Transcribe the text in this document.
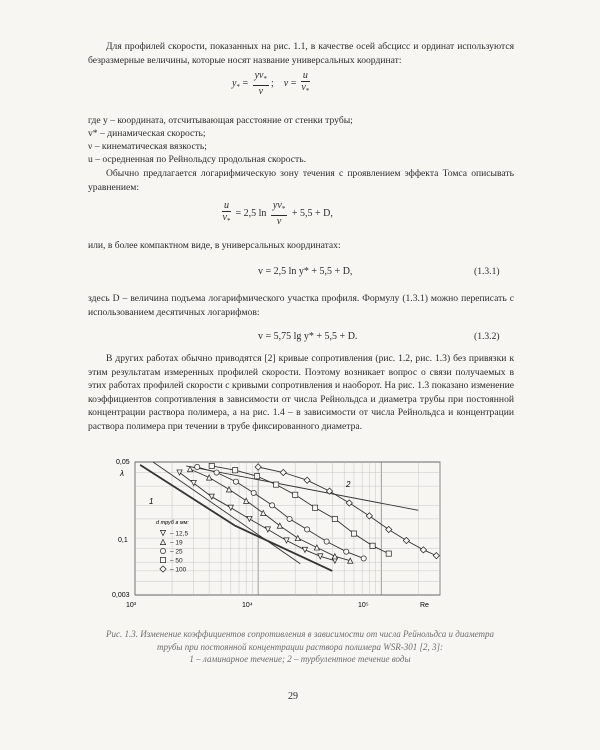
Для профилей скорости, показанных на рис. 1.1, в качестве осей абсцисс и ординат используются безразмерные величины, которые носят название универсальных координат:

$y_* = \frac{yv_*}{\nu}$ ; $v = \frac{u}{v_*}$
где y – координата, отсчитывающая расстояние от стенки трубы;
v* – динамическая скорость;
ν – кинематическая вязкость;
u – осредненная по Рейнольдсу продольная скорость.

Обычно предлагается логарифмическую зону течения с проявлением эффекта Томса описывать уравнением:

$\frac{u}{v_*} = 2,5$ $\ln \frac{yv_*}{\nu} + 5,5 + D$,
или, в более компактном виде, в универсальных координатах:
v = 2,5 ln y* + 5,5 + D,	(1.3.1)

здесь D – величина подъема логарифмического участка профиля. Формулу (1.3.1) можно переписать с использованием десятичных логарифмов:

v = 5,75 lg y* + 5,5 + D.	(1.3.2)

В других работах обычно приводятся [2] кривые сопротивления (рис. 1.2, рис. 1.3) без привязки к этим результатам измеренных профилей скорости. Поэтому возникает вопрос о связи получаемых в этих работах профилей скорости с кривыми сопротивления и наоборот. На рис. 1.3 показано изменение коэффициентов сопротивления в зависимости от числа Рейнольдса и диаметра трубы при постоянной концентрации раствора полимера, а на рис. 1.4 – в зависимости от числа Рейнольдса и концентрации раствора полимера при течении в трубе фиксированного диаметра.

λ
0,05
0,1
0,003
10³	10⁴	10⁵	Re
1
2
d труб в мм:
– 12,5
– 19
– 25
– 50
– 100
Рис. 1.3. Изменение коэффициентов сопротивления в зависимости от числа Рейнольдса и диаметра трубы при постоянной концентрации раствора полимера WSR-301 [2, 3]:
1 – ламинарное течение; 2 – турбулентное течение воды
29
